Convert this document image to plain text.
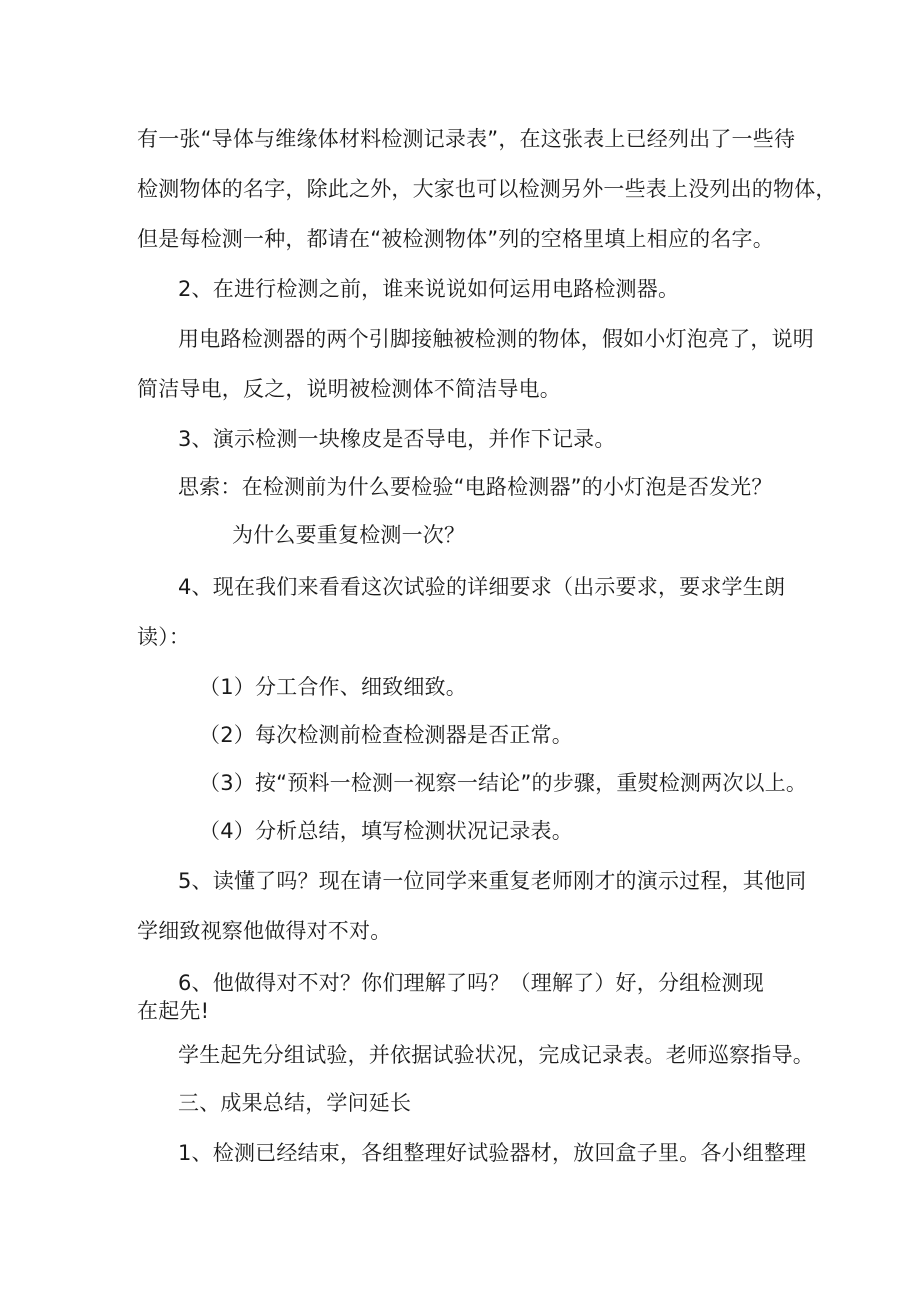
有一张“导体与维缘体材料检测记录表”，在这张表上已经列出了一些待
检测物体的名字，除此之外，大家也可以检测另外一些表上没列出的物体，
但是每检测一种，都请在“被检测物体”列的空格里填上相应的名字。
2、在进行检测之前，谁来说说如何运用电路检测器。
用电路检测器的两个引脚接触被检测的物体，假如小灯泡亮了，说明
简洁导电，反之，说明被检测体不简洁导电。
3、演示检测一块橡皮是否导电，并作下记录。
思索：在检测前为什么要检验“电路检测器”的小灯泡是否发光？
为什么要重复检测一次？
4、现在我们来看看这次试验的详细要求（出示要求，要求学生朗
读）：
（1）分工合作、细致细致。
（2）每次检测前检查检测器是否正常。
（3）按“预料一检测一视察一结论”的步骤，重熨检测两次以上。
（4）分析总结，填写检测状况记录表。
5、读懂了吗？现在请一位同学来重复老师刚才的演示过程，其他同
学细致视察他做得对不对。
6、他做得对不对？你们理解了吗？（理解了）好，分组检测现
在起先!
学生起先分组试验，并依据试验状况，完成记录表。老师巡察指导。
三、成果总结，学问延长
1、检测已经结束，各组整理好试验器材，放回盒子里。各小组整理
